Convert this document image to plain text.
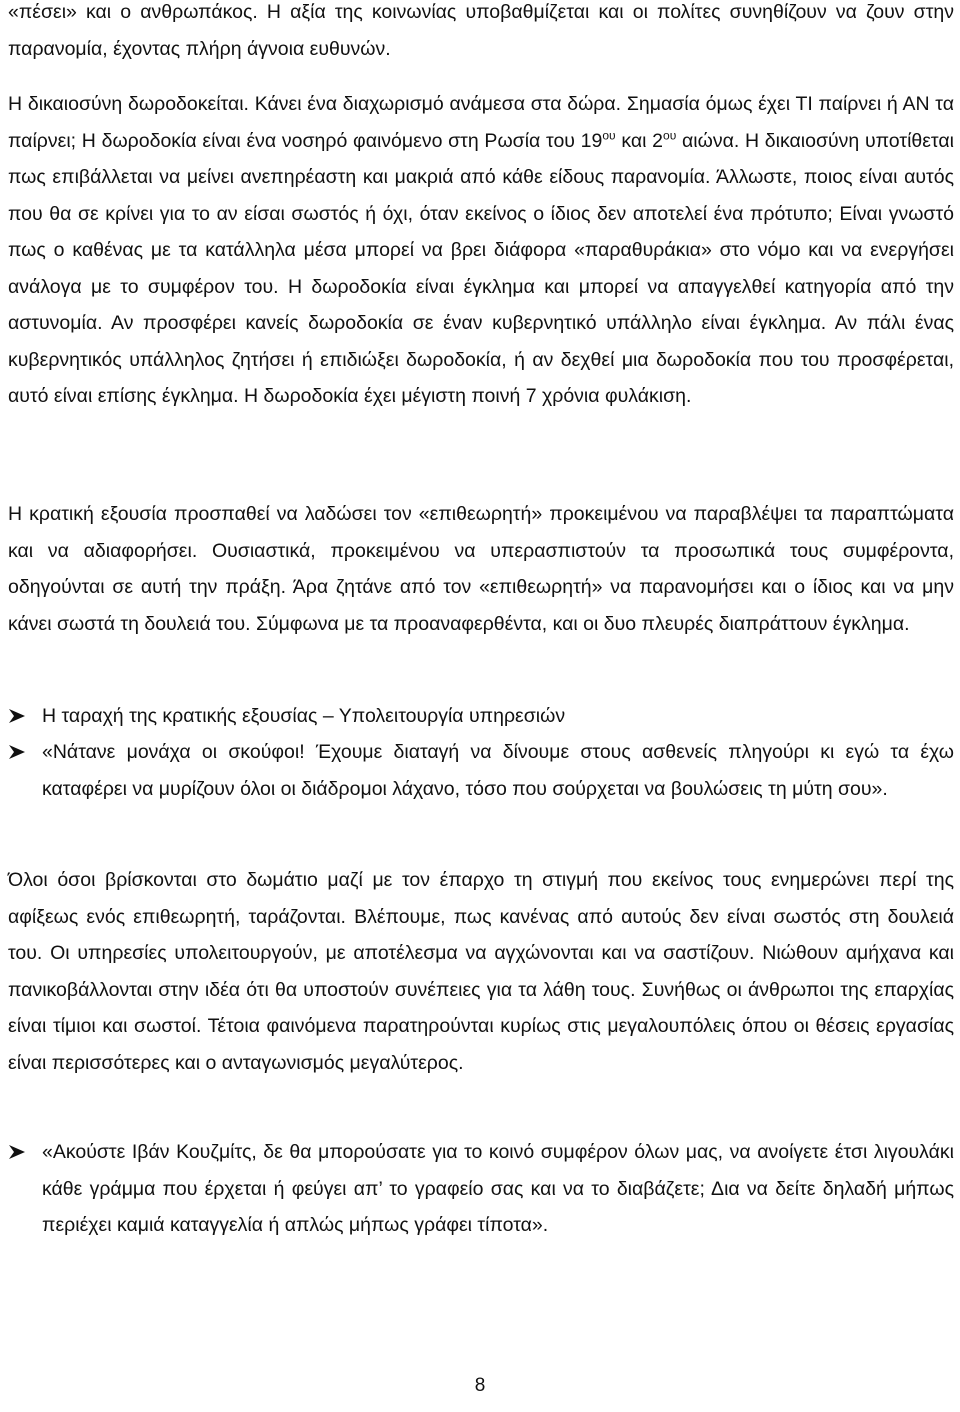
«πέσει» και ο ανθρωπάκος. Η αξία της κοινωνίας υποβαθμίζεται και οι πολίτες συνηθίζουν να ζουν στην παρανομία, έχοντας πλήρη άγνοια ευθυνών.
Η δικαιοσύνη δωροδοκείται. Κάνει ένα διαχωρισμό ανάμεσα στα δώρα. Σημασία όμως έχει ΤΙ παίρνει ή ΑΝ τα παίρνει; Η δωροδοκία είναι ένα νοσηρό φαινόμενο στη Ρωσία του $19^{o\upsilon}$ και $2^{o\upsilon}$ αιώνα. Η δικαιοσύνη υποτίθεται πως επιβάλλεται να μείνει ανεπηρέαστη και μακριά από κάθε είδους παρανομία. Άλλωστε, ποιος είναι αυτός που θα σε κρίνει για το αν είσαι σωστός ή όχι, όταν εκείνος ο ίδιος δεν αποτελεί ένα πρότυπο; Είναι γνωστό πως ο καθένας με τα κατάλληλα μέσα μπορεί να βρει διάφορα «παραθυράκια» στο νόμο και να ενεργήσει ανάλογα με το συμφέρον του. Η δωροδοκία είναι έγκλημα και μπορεί να απαγγελθεί κατηγορία από την αστυνομία. Αν προσφέρει κανείς δωροδοκία σε έναν κυβερνητικό υπάλληλο είναι έγκλημα. Αν πάλι ένας κυβερνητικός υπάλληλος ζητήσει ή επιδιώξει δωροδοκία, ή αν δεχθεί μια δωροδοκία που του προσφέρεται, αυτό είναι επίσης έγκλημα. Η δωροδοκία έχει μέγιστη ποινή 7 χρόνια φυλάκιση.
Η κρατική εξουσία προσπαθεί να λαδώσει τον «επιθεωρητή» προκειμένου να παραβλέψει τα παραπτώματα και να αδιαφορήσει. Ουσιαστικά, προκειμένου να υπερασπιστούν τα προσωπικά τους συμφέροντα, οδηγούνται σε αυτή την πράξη. Άρα ζητάνε από τον «επιθεωρητή» να παρανομήσει και ο ίδιος και να μην κάνει σωστά τη δουλειά του. Σύμφωνα με τα προαναφερθέντα, και οι δυο πλευρές διαπράττουν έγκλημα.
Η ταραχή της κρατικής εξουσίας – Υπολειτουργία υπηρεσιών
«Νάτανε μονάχα οι σκούφοι! Έχουμε διαταγή να δίνουμε στους ασθενείς πληγούρι κι εγώ τα έχω καταφέρει να μυρίζουν όλοι οι διάδρομοι λάχανο, τόσο που σούρχεται να βουλώσεις τη μύτη σου».
Όλοι όσοι βρίσκονται στο δωμάτιο μαζί με τον έπαρχο τη στιγμή που εκείνος τους ενημερώνει περί της αφίξεως ενός επιθεωρητή, ταράζονται. Βλέπουμε, πως κανένας από αυτούς δεν είναι σωστός στη δουλειά του. Οι υπηρεσίες υπολειτουργούν, με αποτέλεσμα να αγχώνονται και να σαστίζουν. Νιώθουν αμήχανα και πανικοβάλλονται στην ιδέα ότι θα υποστούν συνέπειες για τα λάθη τους. Συνήθως οι άνθρωποι της επαρχίας είναι τίμιοι και σωστοί. Τέτοια φαινόμενα παρατηρούνται κυρίως στις μεγαλουπόλεις όπου οι θέσεις εργασίας είναι περισσότερες και ο ανταγωνισμός μεγαλύτερος.
«Ακούστε Ιβάν Κουζμίτς, δε θα μπορούσατε για το κοινό συμφέρον όλων μας, να ανοίγετε έτσι λιγουλάκι κάθε γράμμα που έρχεται ή φεύγει απ’ το γραφείο σας και να το διαβάζετε; Δια να δείτε δηλαδή μήπως περιέχει καμιά καταγγελία ή απλώς μήπως γράφει τίποτα».
8
